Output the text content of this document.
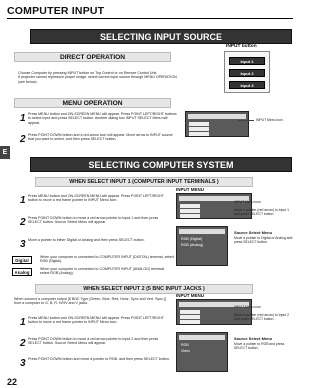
COMPUTER INPUT
E
SELECTING INPUT SOURCE
DIRECT OPERATION
Choose Computer by pressing INPUT button on Top Control or on Remote Control Unit.
If projector cannot reproduce proper image, select correct input source through MENU OPERATION (see below).
INPUT button
Input 1
Input 2
Input 3
MENU OPERATION
1 Press MENU button and ON-SCREEN MENU will appear. Press POINT LEFT/RIGHT buttons to select Input and press SELECT button. Another dialog box INPUT SELECT Menu will appear.
2 Press POINT DOWN button and a red-arrow icon will appear. Move arrow to INPUT source that you want to select, and then press SELECT button.
INPUT Menu icon
SELECTING COMPUTER SYSTEM
WHEN SELECT INPUT 1 (COMPUTER INPUT TERMINALS )
1 Press MENU button and ON-SCREEN MENU will appear. Press POINT LEFT/RIGHT button to move a red frame pointer to INPUT Menu icon.
2 Press POINT DOWN button to move a red arrow pointer to Input 1 and then press SELECT button. Source Select Menu will appear.
3 Move a pointer to either Digital or Analog and then press SELECT button.
Digital
When your computer is connected to COMPUTER INPUT (DIGITAL) terminal, select RGB (Digital).
Analog
When your computer is connected to COMPUTER INPUT (ANALOG) terminal, select RGB (Analog).
INPUT MENU
INPUT Menu icon
Move a pointer (red arrow) to Input 1 and press SELECT button.
RGB (Digital)
RGB (Analog)
Source Select Menu
Move a pointer to Digital or Analog and press SELECT button.
WHEN SELECT INPUT 2 (5 BNC INPUT JACKS )
When connect a computer output [5 BNC Type (Green, Blue, Red, Horiz. Sync and Vert. Sync.)] from a computer to G, B, R, H/HV and V jacks.
1 Press MENU button and ON-SCREEN MENU will appear. Press POINT LEFT/RIGHT button to move a red frame pointer to INPUT Menu icon.
2 Press POINT DOWN button to move a red arrow pointer to Input 2 and then press SELECT button. Source Select Menu will appear.
3 Press POINT DOWN button and move a pointer to RGB, and then press SELECT button.
INPUT MENU
INPUT Menu icon
Move a pointer (red arrow) to Input 2 and press SELECT button.
RGB
Video
Source Select Menu
Move a pointer to RGB and press SELECT button.
22
